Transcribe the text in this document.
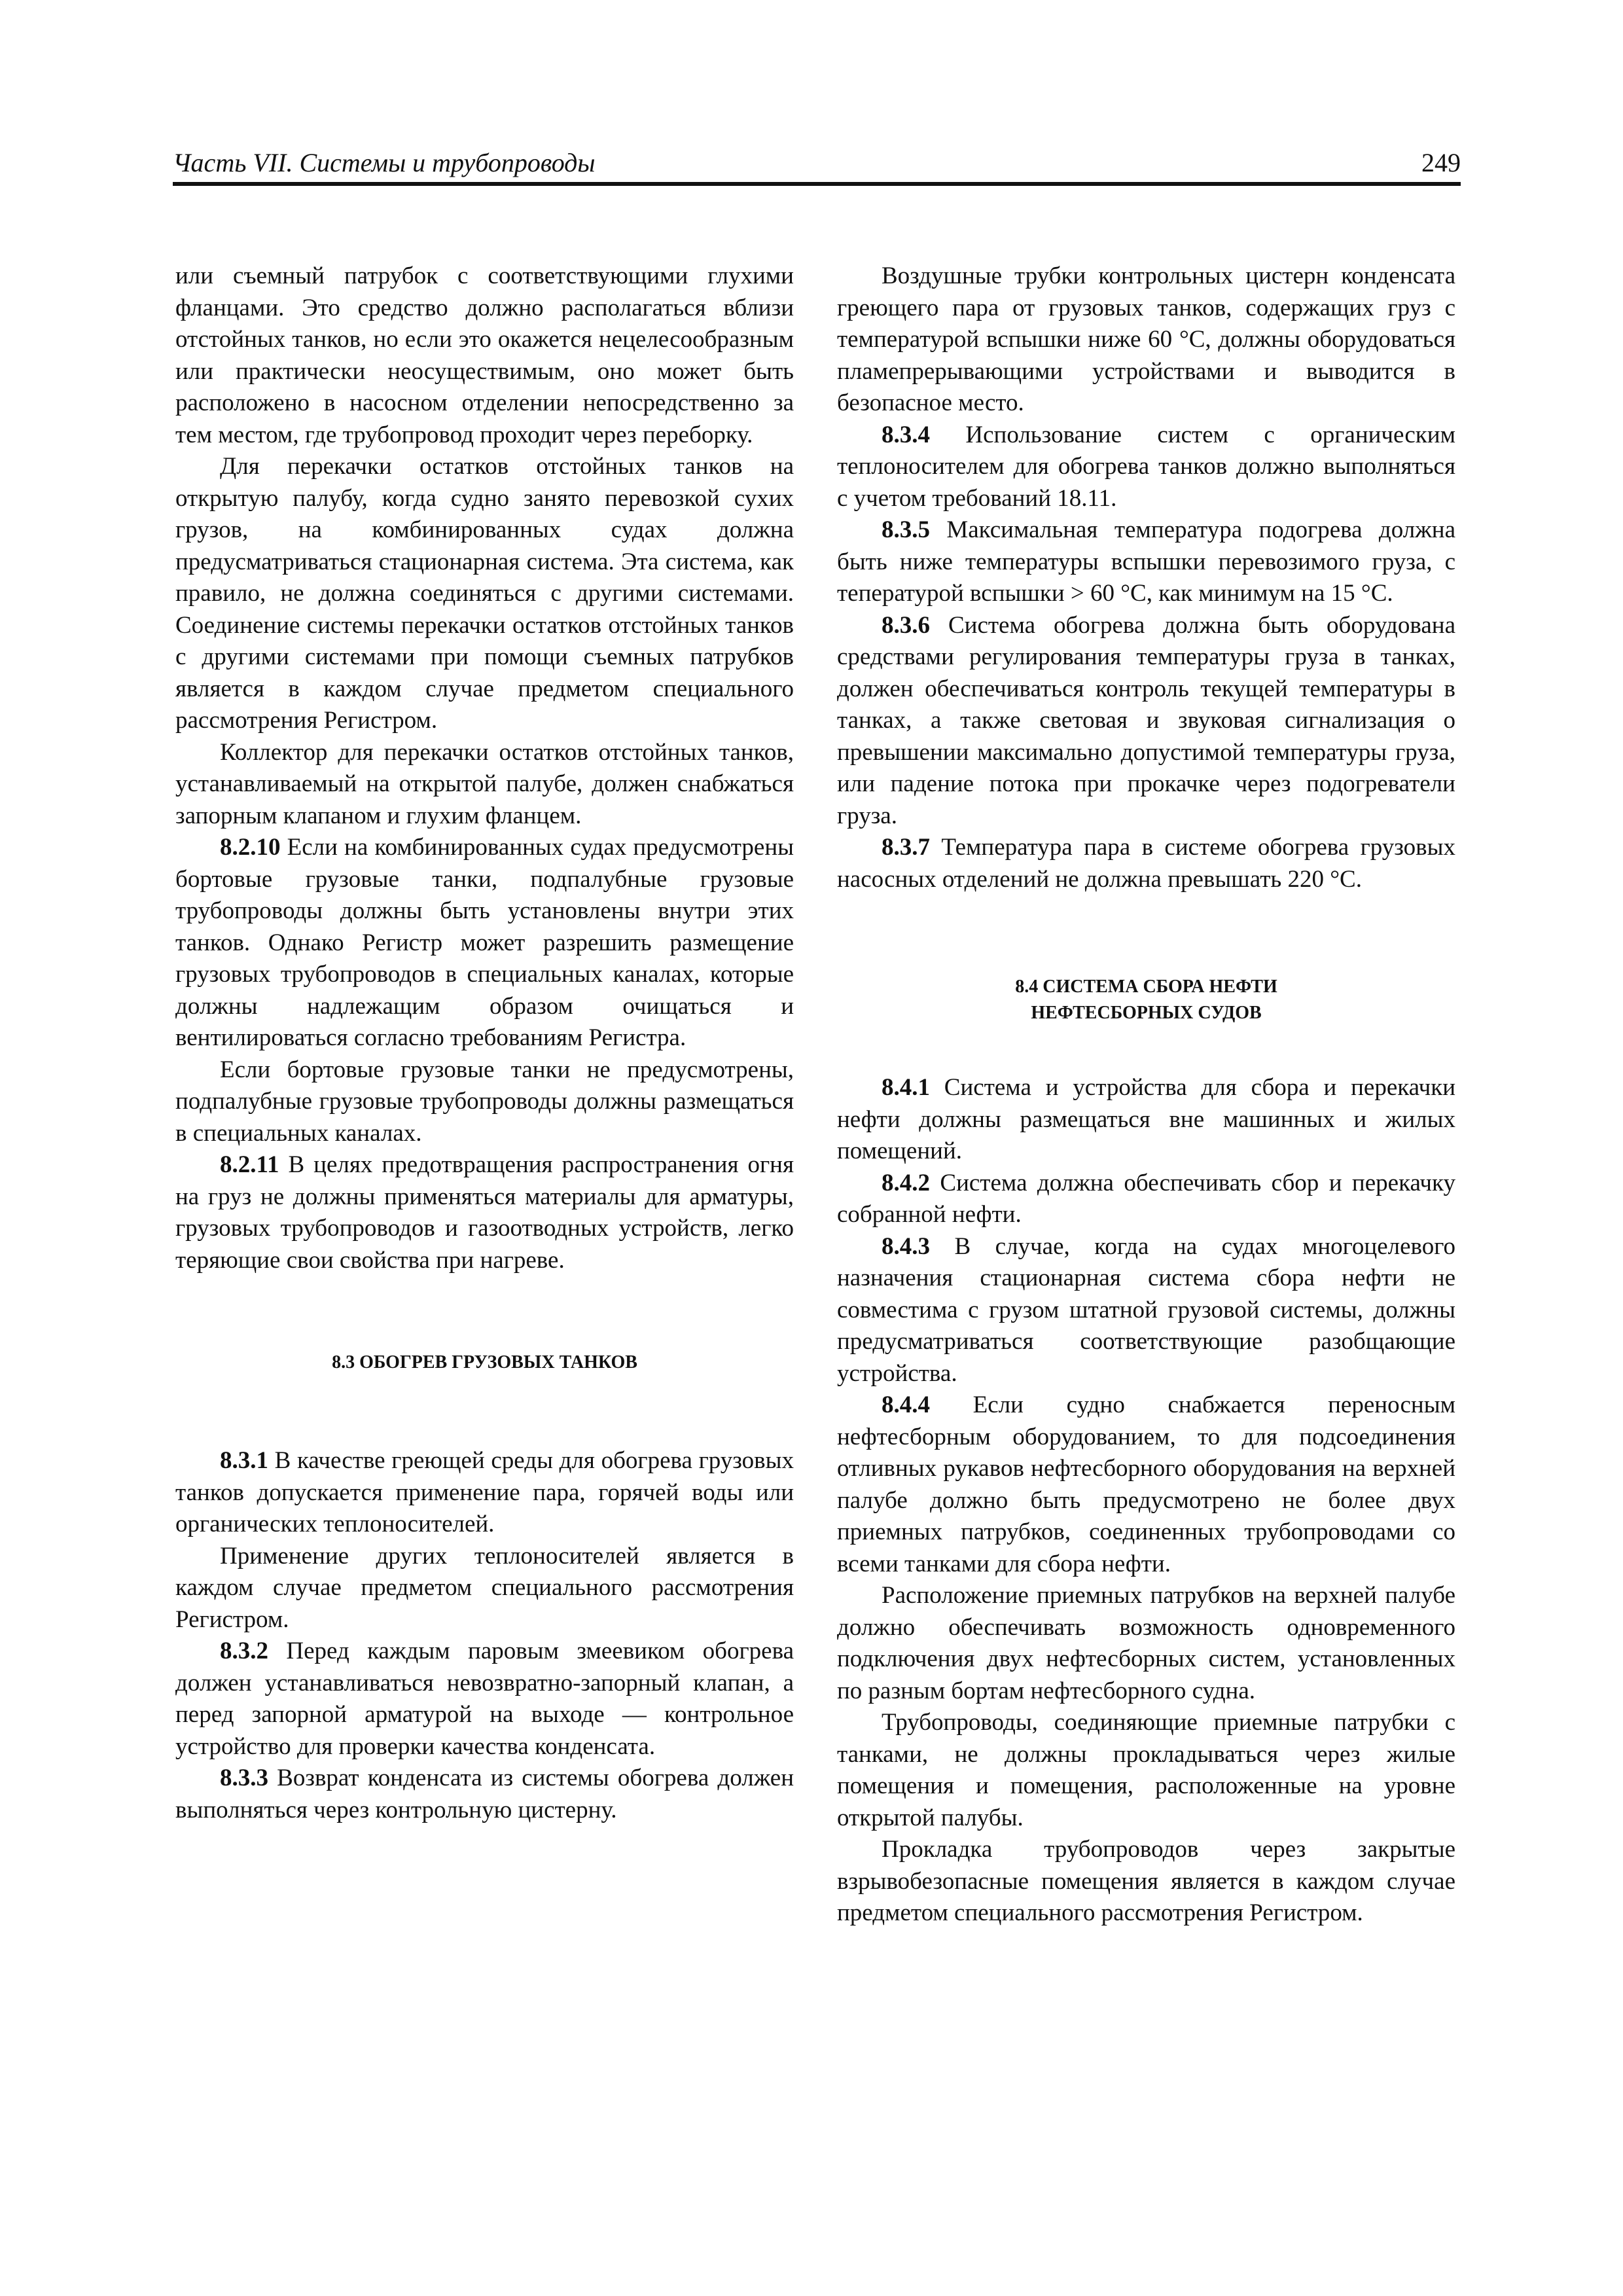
Часть VII. Системы и трубопроводы	249

или съемный патрубок с соответствующими глухими фланцами. Это средство должно располагаться вблизи отстойных танков, но если это окажется нецелесообразным или практически неосуществимым, оно может быть расположено в насосном отделении непосредственно за тем местом, где трубопровод проходит через переборку.

Для перекачки остатков отстойных танков на открытую палубу, когда судно занято перевозкой сухих грузов, на комбинированных судах должна предусматриваться стационарная система. Эта система, как правило, не должна соединяться с другими системами. Соединение системы перекачки остатков отстойных танков с другими системами при помощи съемных патрубков является в каждом случае предметом специального рассмотрения Регистром.

Коллектор для перекачки остатков отстойных танков, устанавливаемый на открытой палубе, должен снабжаться запорным клапаном и глухим фланцем.

8.2.10 Если на комбинированных судах предусмотрены бортовые грузовые танки, подпалубные грузовые трубопроводы должны быть установлены внутри этих танков. Однако Регистр может разрешить размещение грузовых трубопроводов в специальных каналах, которые должны надлежащим образом очищаться и вентилироваться согласно требованиям Регистра.

Если бортовые грузовые танки не предусмотрены, подпалубные грузовые трубопроводы должны размещаться в специальных каналах.

8.2.11 В целях предотвращения распространения огня на груз не должны применяться материалы для арматуры, грузовых трубопроводов и газоотводных устройств, легко теряющие свои свойства при нагреве.

8.3 ОБОГРЕВ ГРУЗОВЫХ ТАНКОВ

8.3.1 В качестве греющей среды для обогрева грузовых танков допускается применение пара, горячей воды или органических теплоносителей.

Применение других теплоносителей является в каждом случае предметом специального рассмотрения Регистром.

8.3.2 Перед каждым паровым змеевиком обогрева должен устанавливаться невозвратно-запорный клапан, а перед запорной арматурой на выходе — контрольное устройство для проверки качества конденсата.

8.3.3 Возврат конденсата из системы обогрева должен выполняться через контрольную цистерну.

Воздушные трубки контрольных цистерн конденсата греющего пара от грузовых танков, содержащих груз с температурой вспышки ниже 60 °С, должны оборудоваться пламепрерывающими устройствами и выводится в безопасное место.

8.3.4 Использование систем с органическим теплоносителем для обогрева танков должно выполняться с учетом требований 18.11.

8.3.5 Максимальная температура подогрева должна быть ниже температуры вспышки перевозимого груза, с тепературой вспышки > 60 °С, как минимум на 15 °С.

8.3.6 Система обогрева должна быть оборудована средствами регулирования температуры груза в танках, должен обеспечиваться контроль текущей температуры в танках, а также световая и звуковая сигнализация о превышении максимально допустимой температуры груза, или падение потока при прокачке через подогреватели груза.

8.3.7 Температура пара в системе обогрева грузовых насосных отделений не должна превышать 220 °С.

8.4 СИСТЕМА СБОРА НЕФТИ

НЕФТЕСБОРНЫХ СУДОВ

8.4.1 Система и устройства для сбора и перекачки нефти должны размещаться вне машинных и жилых помещений.

8.4.2 Система должна обеспечивать сбор и перекачку собранной нефти.

8.4.3 В случае, когда на судах многоцелевого назначения стационарная система сбора нефти не совместима с грузом штатной грузовой системы, должны предусматриваться соответствующие разобщающие устройства.

8.4.4 Если судно снабжается переносным нефтесборным оборудованием, то для подсоединения отливных рукавов нефтесборного оборудования на верхней палубе должно быть предусмотрено не более двух приемных патрубков, соединенных трубопроводами со всеми танками для сбора нефти.

Расположение приемных патрубков на верхней палубе должно обеспечивать возможность одновременного подключения двух нефтесборных систем, установленных по разным бортам нефтесборного судна.

Трубопроводы, соединяющие приемные патрубки с танками, не должны прокладываться через жилые помещения и помещения, расположенные на уровне открытой палубы.

Прокладка трубопроводов через закрытые взрывобезопасные помещения является в каждом случае предметом специального рассмотрения Регистром.
